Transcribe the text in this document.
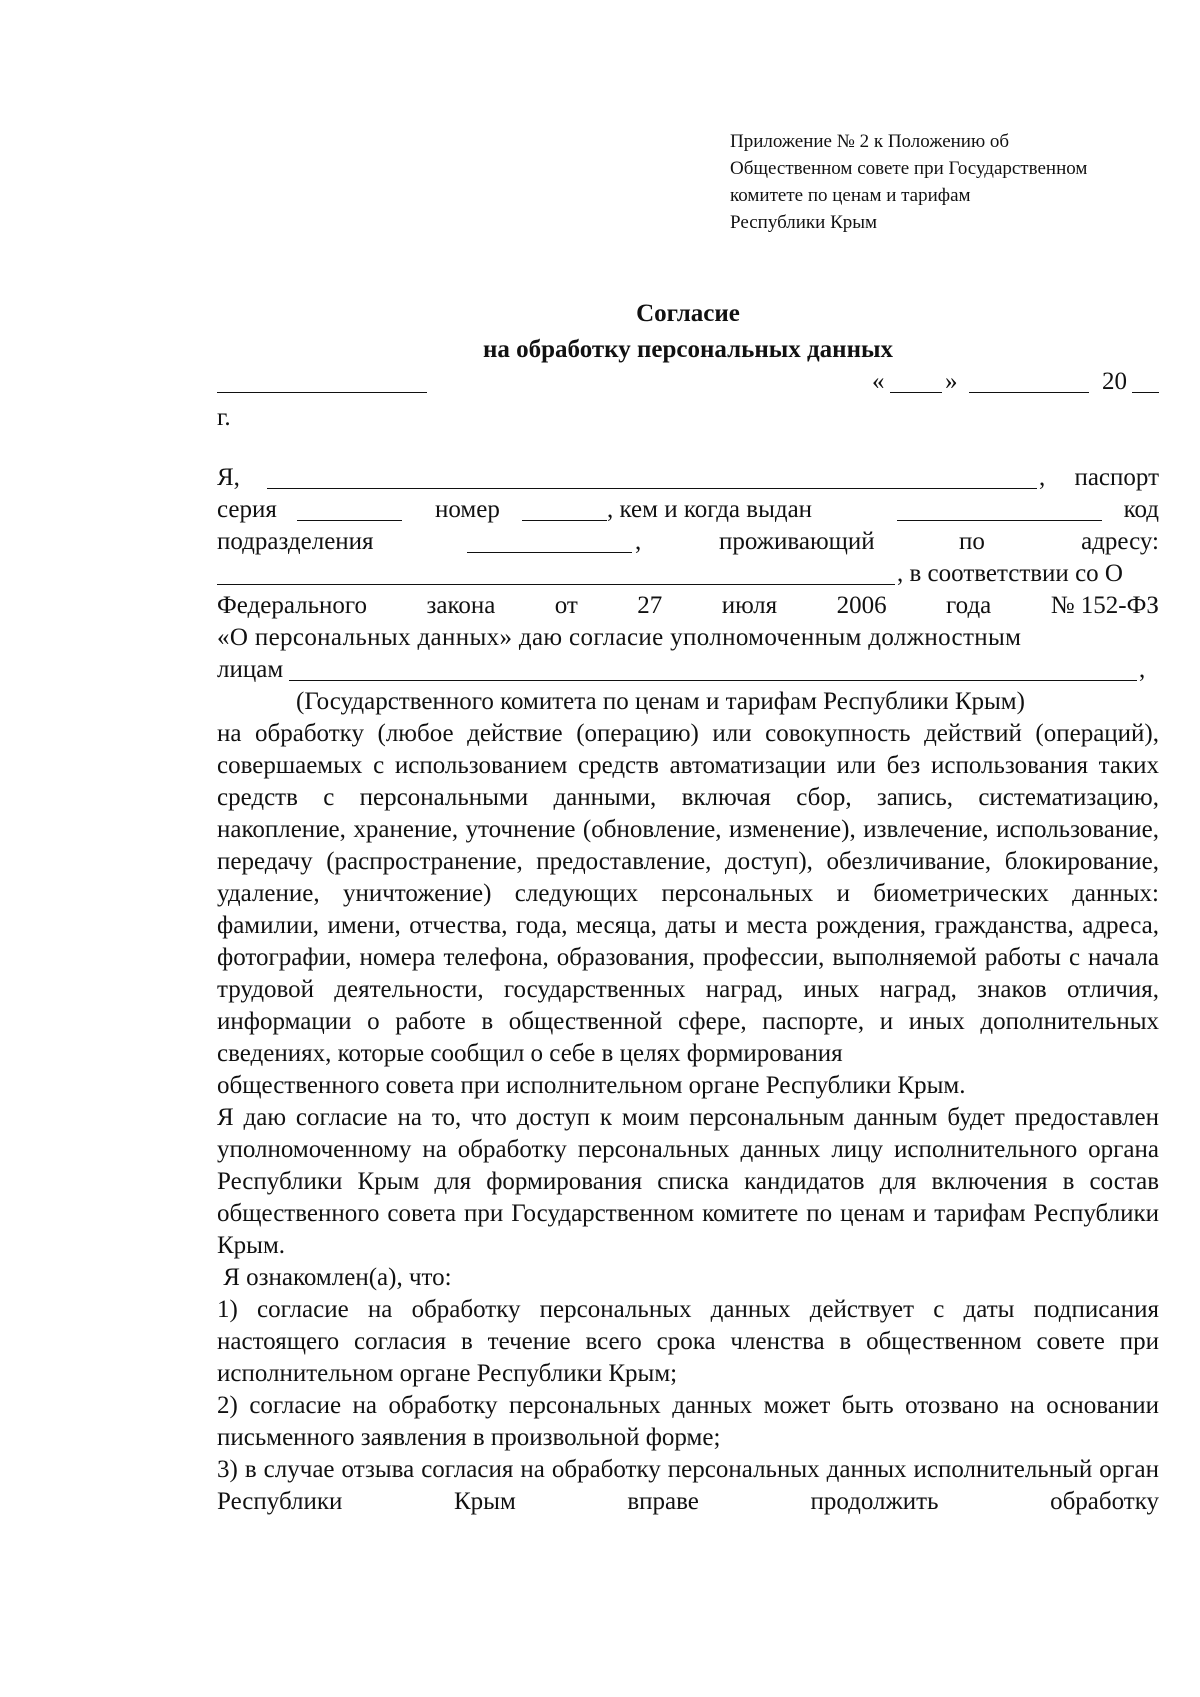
Приложение № 2 к Положению об
Общественном совете при Государственном
комитете по ценам и тарифам
Республики Крым
Согласие
на обработку персональных данных
« »	20
г.
Я,	, паспорт
серия	номер	, кем и когда выдан	код
подразделения	,	проживающий	по	адресу:
, в соответствии со О
Федерального закона от 27 июля 2006 года № 152-ФЗ
«О персональных данных» даю согласие уполномоченным должностным
лицам	,
(Государственного комитета по ценам и тарифам Республики Крым)

на обработку (любое действие (операцию) или совокупность действий (операций), совершаемых с использованием средств автоматизации или без использования таких средств с персональными данными, включая сбор, запись, систематизацию, накопление, хранение, уточнение (обновление, изменение), извлечение, использование, передачу (распространение, предоставление, доступ), обезличивание, блокирование, удаление, уничтожение) следующих персональных и биометрических данных: фамилии, имени, отчества, года, месяца, даты и места рождения, гражданства, адреса, фотографии, номера телефона, образования, профессии, выполняемой работы с начала трудовой деятельности, государственных наград, иных наград, знаков отличия, информации о работе в общественной сфере, паспорте, и иных дополнительных сведениях, которые сообщил о себе в целях формирования

общественного совета при исполнительном органе Республики Крым.

Я даю согласие на то, что доступ к моим персональным данным будет предоставлен уполномоченному на обработку персональных данных лицу исполнительного органа Республики Крым для формирования списка кандидатов для включения в состав общественного совета при Государственном комитете по ценам и тарифам Республики Крым.

Я ознакомлен(а), что:

1) согласие на обработку персональных данных действует с даты подписания настоящего согласия в течение всего срока членства в общественном совете при исполнительном органе Республики Крым;

2) согласие на обработку персональных данных может быть отозвано на основании письменного заявления в произвольной форме;

3) в случае отзыва согласия на обработку персональных данных исполнительный орган Республики Крым вправе продолжить обработку
